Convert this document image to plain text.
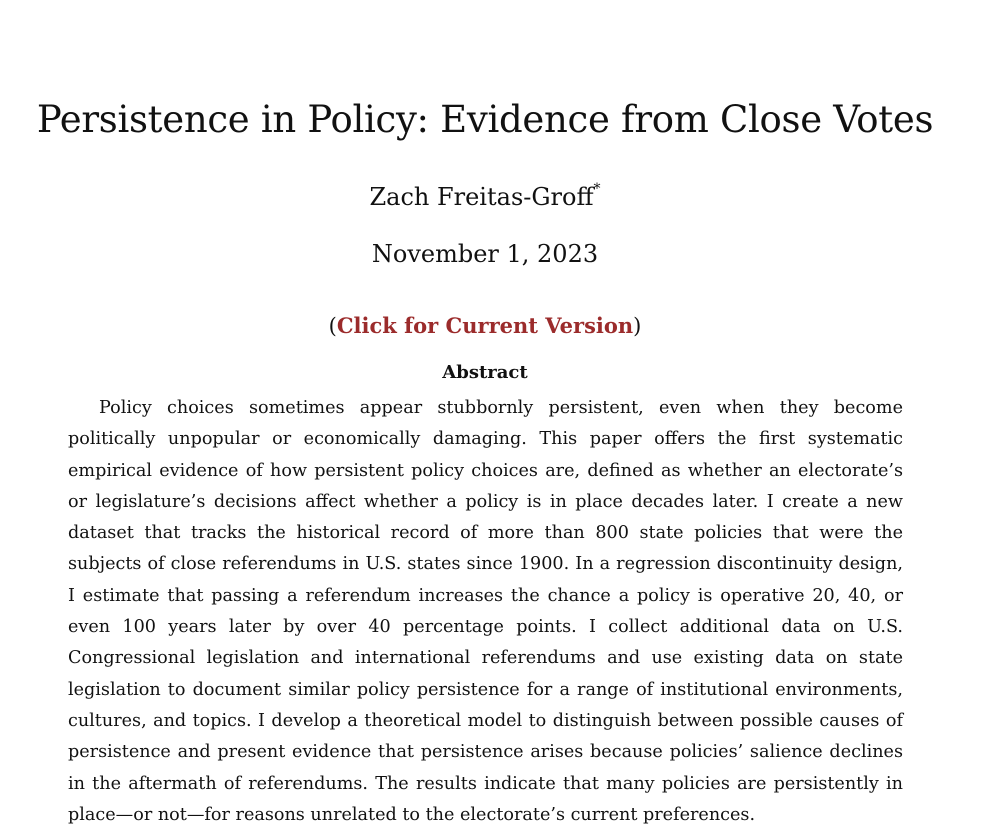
Persistence in Policy: Evidence from Close Votes
Zach Freitas-Groff*
November 1, 2023
(Click for Current Version)
Abstract

Policy choices sometimes appear stubbornly persistent, even when they become politically unpopular or economically damaging. This paper offers the first systematic empirical evidence of how persistent policy choices are, defined as whether an electorate’s or legislature’s decisions affect whether a policy is in place decades later. I create a new dataset that tracks the historical record of more than 800 state policies that were the subjects of close referendums in U.S. states since 1900. In a regression discontinuity design, I estimate that passing a referendum increases the chance a policy is operative 20, 40, or even 100 years later by over 40 percentage points. I collect additional data on U.S. Congressional legislation and international referendums and use existing data on state legislation to document similar policy persistence for a range of institutional environments, cultures, and topics. I develop a theoretical model to distinguish between possible causes of persistence and present evidence that persistence arises because policies’ salience declines in the aftermath of referendums. The results indicate that many policies are persistently in place—or not—for reasons unrelated to the electorate’s current preferences.
